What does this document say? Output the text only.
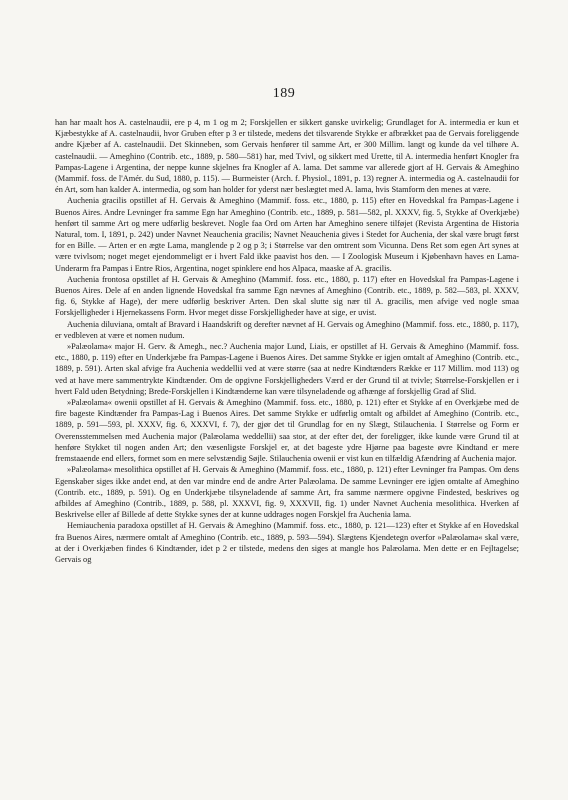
189

han har maalt hos A. castelnaudii, ere p 4, m 1 og m 2; Forskjellen er sikkert ganske uvirkelig; Grundlaget for A. intermedia er kun et Kjæbestykke af A. castelnaudii, hvor Gruben efter p 3 er tilstede, medens det tilsvarende Stykke er afbrækket paa de Gervais foreliggende andre Kjæber af A. castelnaudii. Det Skinneben, som Gervais henfører til samme Art, er 300 Millim. langt og kunde da vel tilhøre A. castelnaudii. — Ameghino (Contrib. etc., 1889, p. 580—581) har, med Tvivl, og sikkert med Urette, til A. intermedia henført Knogler fra Pampas-Lagene i Argentina, der neppe kunne skjelnes fra Knogler af A. lama. Det samme var allerede gjort af H. Gervais & Ameghino (Mammif. foss. de l'Amér. du Sud, 1880, p. 115). — Burmeister (Arch. f. Physiol., 1891, p. 13) regner A. intermedia og A. castelnaudii for én Art, som han kalder A. intermedia, og som han holder for yderst nær beslægtet med A. lama, hvis Stamform den menes at være.

Auchenia gracilis opstillet af H. Gervais & Ameghino (Mammif. foss. etc., 1880, p. 115) efter en Hovedskal fra Pampas-Lagene i Buenos Aires. Andre Levninger fra samme Egn har Ameghino (Contrib. etc., 1889, p. 581—582, pl. XXXV, fig. 5, Stykke af Overkjæbe) henført til samme Art og mere udførlig beskrevet. Nogle faa Ord om Arten har Ameghino senere tilføjet (Revista Argentina de Historia Natural, tom. I, 1891, p. 242) under Navnet Neauchenia gracilis; Navnet Neauchenia gives i Stedet for Auchenia, der skal være brugt først for en Bille. — Arten er en ægte Lama, manglende p 2 og p 3; i Størrelse var den omtrent som Vicunna. Dens Ret som egen Art synes at være tvivlsom; noget meget ejendommeligt er i hvert Fald ikke paavist hos den. — I Zoologisk Museum i Kjøbenhavn haves en Lama-Underarm fra Pampas i Entre Rios, Argentina, noget spinklere end hos Alpaca, maaske af A. gracilis.

Auchenia frontosa opstillet af H. Gervais & Ameghino (Mammif. foss. etc., 1880, p. 117) efter en Hovedskal fra Pampas-Lagene i Buenos Aires. Dele af en anden lignende Hovedskal fra samme Egn nævnes af Ameghino (Contrib. etc., 1889, p. 582—583, pl. XXXV, fig. 6, Stykke af Hage), der mere udførlig beskriver Arten. Den skal slutte sig nær til A. gracilis, men afvige ved nogle smaa Forskjelligheder i Hjernekassens Form. Hvor meget disse Forskjelligheder have at sige, er uvist.

Auchenia diluviana, omtalt af Bravard i Haandskrift og derefter nævnet af H. Gervais og Ameghino (Mammif. foss. etc., 1880, p. 117), er vedbleven at være et nomen nudum.

»Palæolama« major H. Gerv. & Amegh., nec.? Auchenia major Lund, Liais, er opstillet af H. Gervais & Ameghino (Mammif. foss. etc., 1880, p. 119) efter en Underkjæbe fra Pampas-Lagene i Buenos Aires. Det samme Stykke er igjen omtalt af Ameghino (Contrib. etc., 1889, p. 591). Arten skal afvige fra Auchenia weddellii ved at være større (saa at nedre Kindtænders Række er 117 Millim. mod 113) og ved at have mere sammentrykte Kindtænder. Om de opgivne Forskjelligheders Værd er der Grund til at tvivle; Størrelse-Forskjellen er i hvert Fald uden Betydning; Brede-Forskjellen i Kindtænderne kan være tilsyneladende og afhænge af forskjellig Grad af Slid.

»Palæolama« owenii opstillet af H. Gervais & Ameghino (Mammif. foss. etc., 1880, p. 121) efter et Stykke af en Overkjæbe med de fire bageste Kindtænder fra Pampas-Lag i Buenos Aires. Det samme Stykke er udførlig omtalt og afbildet af Ameghino (Contrib. etc., 1889, p. 591—593, pl. XXXV, fig. 6, XXXVI, f. 7), der gjør det til Grundlag for en ny Slægt, Stilauchenia. I Størrelse og Form er Overensstemmelsen med Auchenia major (Palæolama weddellii) saa stor, at der efter det, der foreligger, ikke kunde være Grund til at henføre Stykket til nogen anden Art; den væsenligste Forskjel er, at det bageste ydre Hjørne paa bageste øvre Kindtand er mere fremstaaende end ellers, formet som en mere selvstændig Søjle. Stilauchenia owenii er vist kun en tilfældig Afændring af Auchenia major.

»Palæolama« mesolithica opstillet af H. Gervais & Ameghino (Mammif. foss. etc., 1880, p. 121) efter Levninger fra Pampas. Om dens Egenskaber siges ikke andet end, at den var mindre end de andre Arter Palæolama. De samme Levninger ere igjen omtalte af Ameghino (Contrib. etc., 1889, p. 591). Og en Underkjæbe tilsyneladende af samme Art, fra samme nærmere opgivne Findested, beskrives og afbildes af Ameghino (Contrib., 1889, p. 588, pl. XXXVI, fig. 9, XXXVII, fig. 1) under Navnet Auchenia mesolithica. Hverken af Beskrivelse eller af Billede af dette Stykke synes der at kunne uddrages nogen Forskjel fra Auchenia lama.

Hemiauchenia paradoxa opstillet af H. Gervais & Ameghino (Mammif. foss. etc., 1880, p. 121—123) efter et Stykke af en Hovedskal fra Buenos Aires, nærmere omtalt af Ameghino (Contrib. etc., 1889, p. 593—594). Slægtens Kjendetegn overfor »Palæolama« skal være, at der i Overkjæben findes 6 Kindtænder, idet p 2 er tilstede, medens den siges at mangle hos Palæolama. Men dette er en Fejltagelse; Gervais og
